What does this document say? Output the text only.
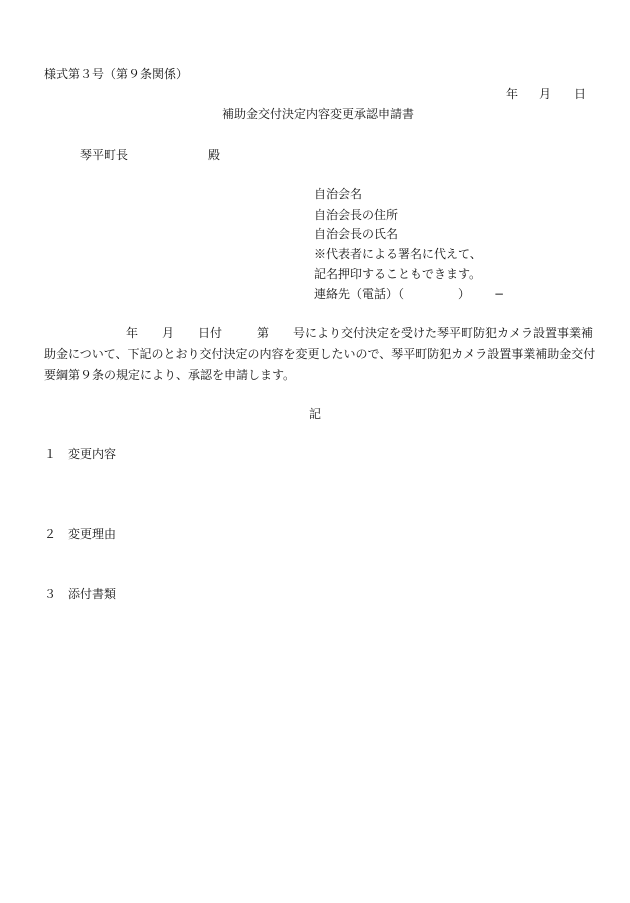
様式第３号（第９条関係）
年 月 日
補助金交付決定内容変更承認申請書
琴平町長	殿
自治会名
自治会長の住所
自治会長の氏名
※代表者による署名に代えて、
記名押印することもできます。
連絡先（電話）（	） −
年 月 日付	第 号により交付決定を受けた琴平町防犯カメラ設置事業補
助金について、下記のとおり交付決定の内容を変更したいので、琴平町防犯カメラ設置事業補助金交付
要綱第９条の規定により、承認を申請します。
記
１ 変更内容
２ 変更理由
３ 添付書類
